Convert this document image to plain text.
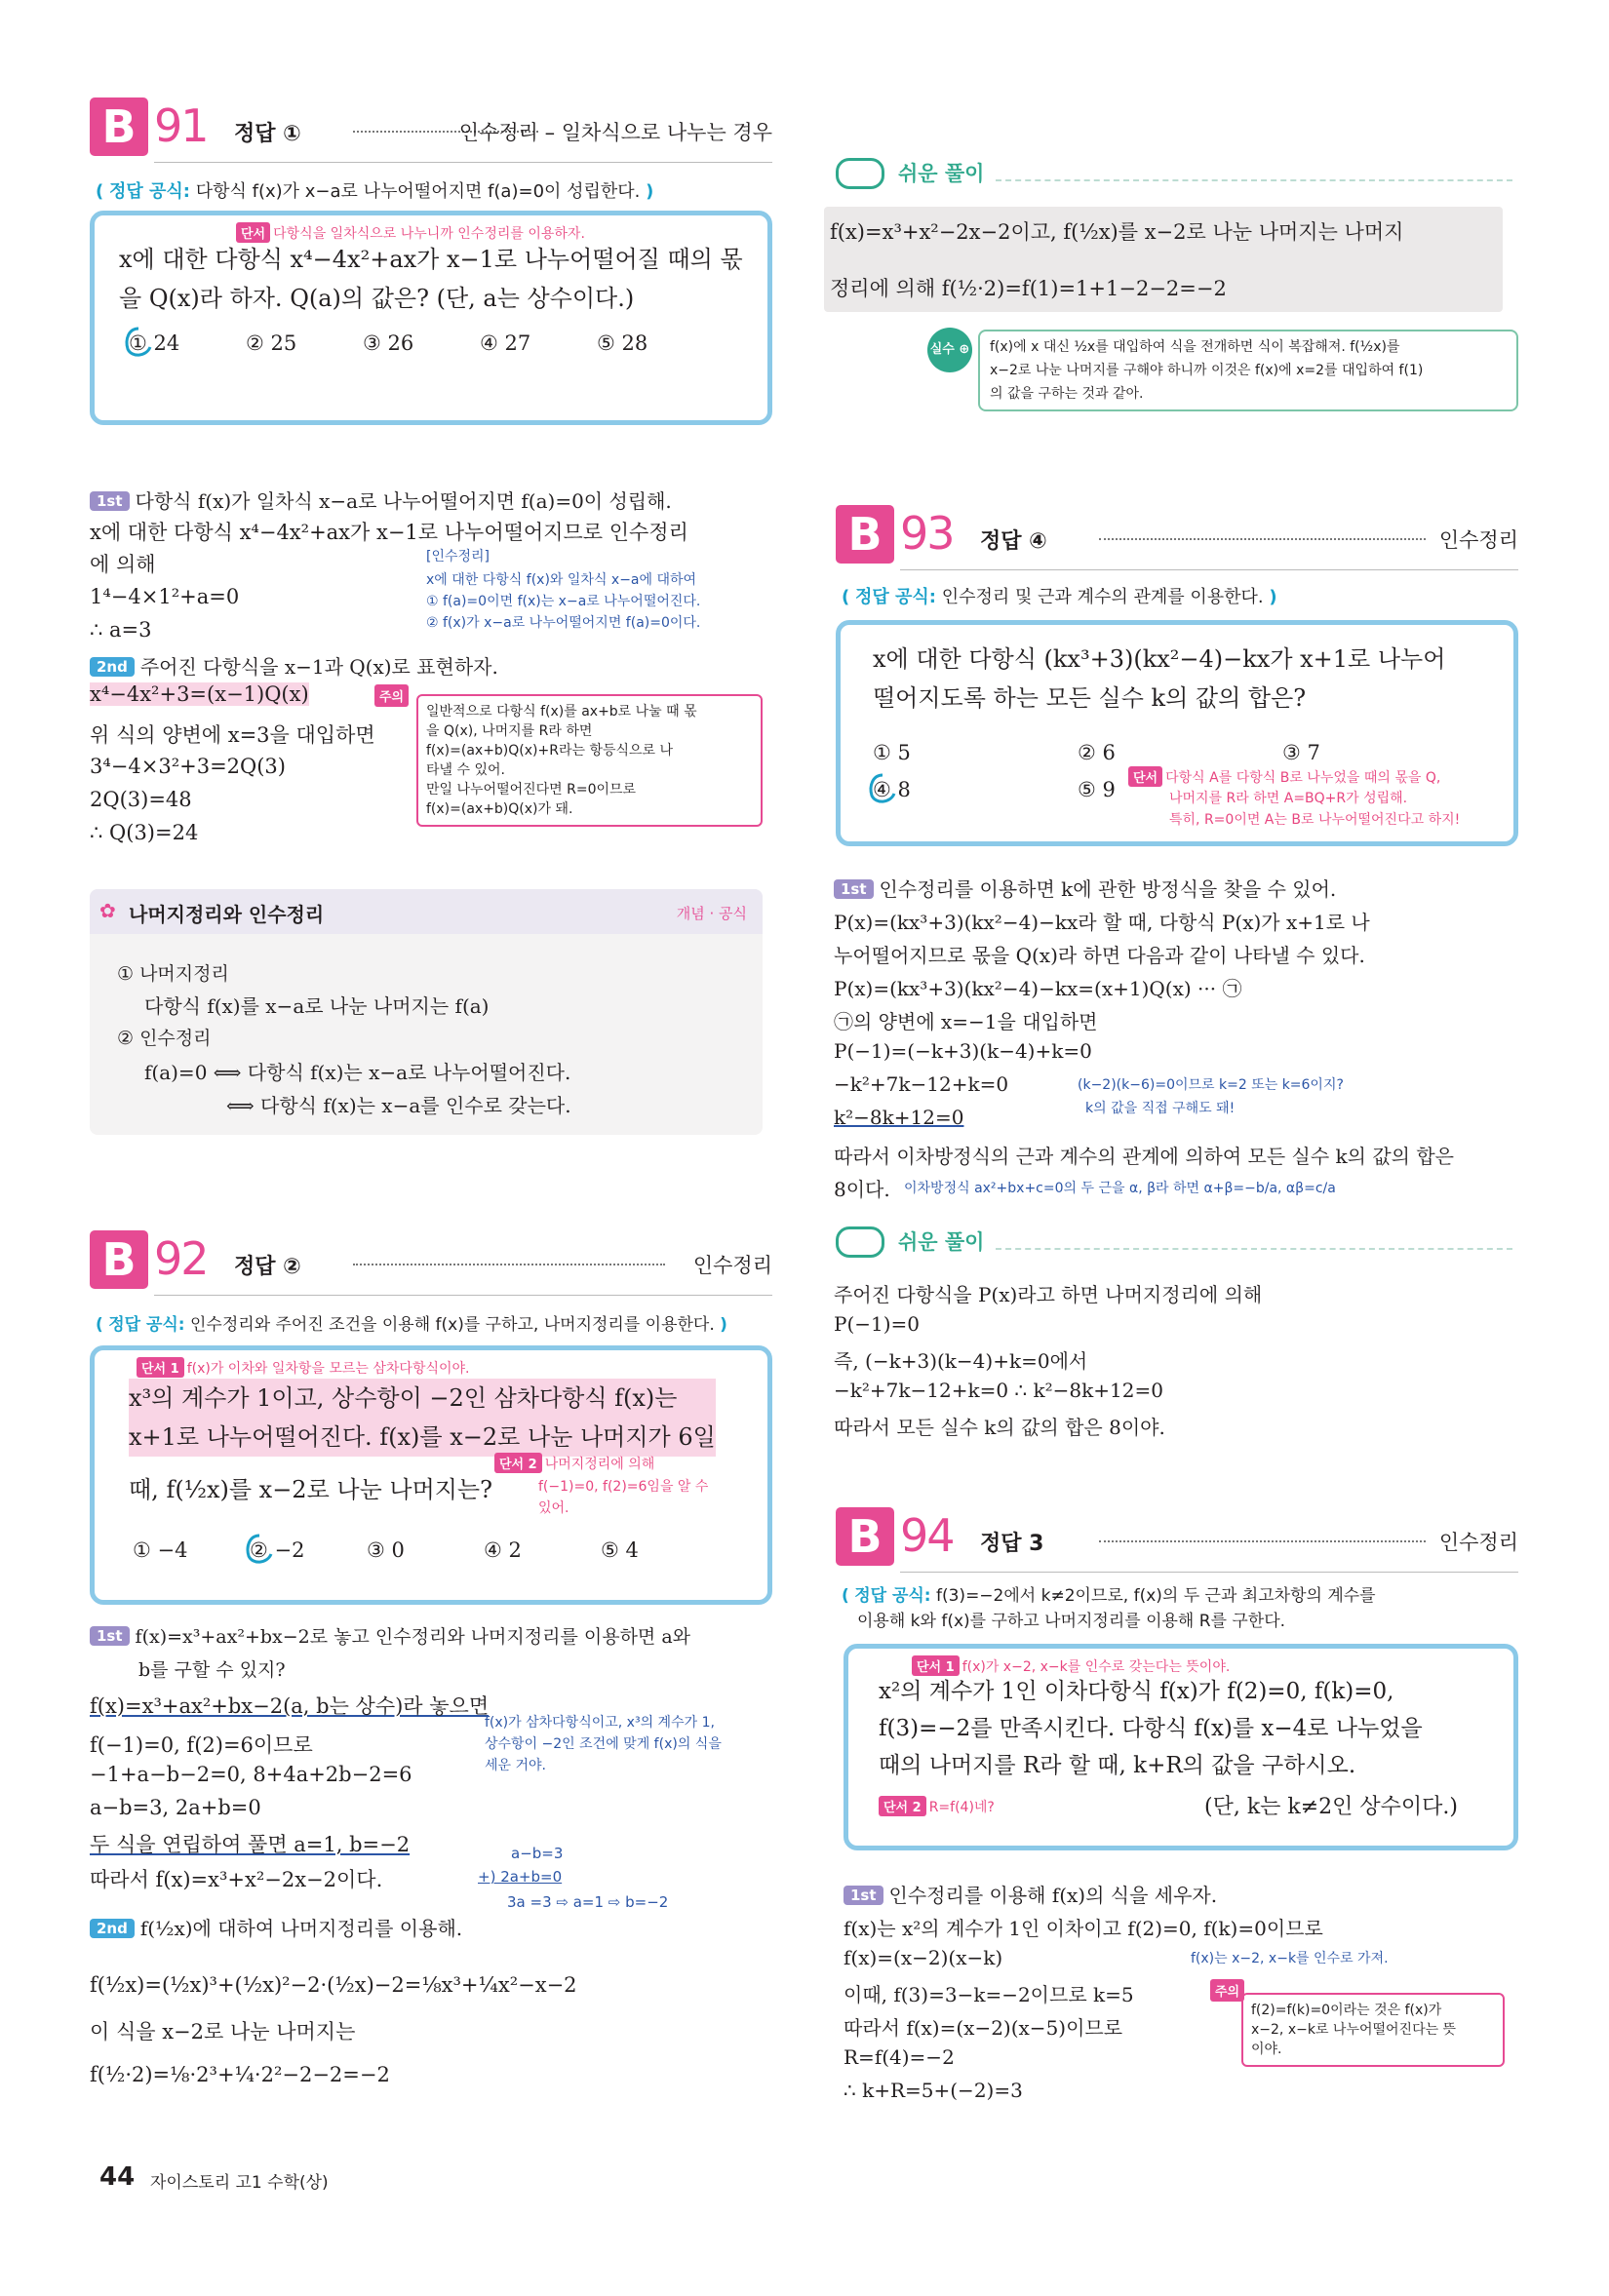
B 91 정답 ①	인수정리 – 일차식으로 나누는 경우
( 정답 공식: 다항식 f(x)가 x−a로 나누어떨어지면 f(a)=0이 성립한다. )
단서 다항식을 일차식으로 나누니까 인수정리를 이용하자.
x에 대한 다항식 x⁴−4x²+ax가 x−1로 나누어떨어질 때의 몫
을 Q(x)라 하자. Q(a)의 값은? (단, a는 상수이다.)
① 24	② 25	③ 26	④ 27	⑤ 28
1st 다항식 f(x)가 일차식 x−a로 나누어떨어지면 f(a)=0이 성립해.
x에 대한 다항식 x⁴−4x²+ax가 x−1로 나누어떨어지므로 인수정리
에 의해
1⁴−4×1²+a=0
∴ a=3
[인수정리]
x에 대한 다항식 f(x)와 일차식 x−a에 대하여
① f(a)=0이면 f(x)는 x−a로 나누어떨어진다.
② f(x)가 x−a로 나누어떨어지면 f(a)=0이다.
2nd 주어진 다항식을 x−1과 Q(x)로 표현하자.
x⁴−4x²+3=(x−1)Q(x)
위 식의 양변에 x=3을 대입하면
3⁴−4×3²+3=2Q(3)
2Q(3)=48
∴ Q(3)=24
일반적으로 다항식 f(x)를 ax+b로 나눌 때 몫
을 Q(x), 나머지를 R라 하면
f(x)=(ax+b)Q(x)+R라는 항등식으로 나
타낼 수 있어.
만일 나누어떨어진다면 R=0이므로
f(x)=(ax+b)Q(x)가 돼.
주의
✿ 나머지정리와 인수정리	개념 · 공식
① 나머지정리
다항식 f(x)를 x−a로 나눈 나머지는 f(a)
② 인수정리
f(a)=0 ⟺ 다항식 f(x)는 x−a로 나누어떨어진다.
⟺ 다항식 f(x)는 x−a를 인수로 갖는다.
B 92 정답 ②	인수정리
( 정답 공식: 인수정리와 주어진 조건을 이용해 f(x)를 구하고, 나머지정리를 이용한다. )
단서 1 f(x)가 이차와 일차항을 모르는 삼차다항식이야.
x³의 계수가 1이고, 상수항이 −2인 삼차다항식 f(x)는
x+1로 나누어떨어진다. f(x)를 x−2로 나눈 나머지가 6일
때, f(½x)를 x−2로 나눈 나머지는?
단서 2 나머지정리에 의해
f(−1)=0, f(2)=6임을 알 수
있어.
① −4	② −2	③ 0	④ 2	⑤ 4
1st f(x)=x³+ax²+bx−2로 놓고 인수정리와 나머지정리를 이용하면 a와
b를 구할 수 있지?
f(x)=x³+ax²+bx−2(a, b는 상수)라 놓으면
f(x)가 삼차다항식이고, x³의 계수가 1,
상수항이 −2인 조건에 맞게 f(x)의 식을
세운 거야.
f(−1)=0, f(2)=6이므로
−1+a−b−2=0, 8+4a+2b−2=6
a−b=3, 2a+b=0
두 식을 연립하여 풀면 a=1, b=−2
따라서 f(x)=x³+x²−2x−2이다.
a−b=3
+) 2a+b=0
3a =3 ⇨ a=1 ⇨ b=−2
2nd f(½x)에 대하여 나머지정리를 이용해.
f(½x)=(½x)³+(½x)²−2·(½x)−2=⅛x³+¼x²−x−2
이 식을 x−2로 나눈 나머지는
f(½·2)=⅛·2³+¼·2²−2−2=−2
44 자이스토리 고1 수학(상)
쉬운 풀이
f(x)=x³+x²−2x−2이고, f(½x)를 x−2로 나눈 나머지는 나머지
정리에 의해 f(½·2)=f(1)=1+1−2−2=−2
f(x)에 x 대신 ½x를 대입하여 식을 전개하면 식이 복잡해져. f(½x)를
x−2로 나눈 나머지를 구해야 하니까 이것은 f(x)에 x=2를 대입하여 f(1)
의 값을 구하는 것과 같아.
실수 ⊕
B 93 정답 ④	인수정리
( 정답 공식: 인수정리 및 근과 계수의 관계를 이용한다. )
x에 대한 다항식 (kx³+3)(kx²−4)−kx가 x+1로 나누어
떨어지도록 하는 모든 실수 k의 값의 합은?
① 5	② 6	③ 7
④ 8	⑤ 9	단서 다항식 A를 다항식 B로 나누었을 때의 몫을 Q,
나머지를 R라 하면 A=BQ+R가 성립해.
특히, R=0이면 A는 B로 나누어떨어진다고 하지!
1st 인수정리를 이용하면 k에 관한 방정식을 찾을 수 있어.
P(x)=(kx³+3)(kx²−4)−kx라 할 때, 다항식 P(x)가 x+1로 나
누어떨어지므로 몫을 Q(x)라 하면 다음과 같이 나타낼 수 있다.
P(x)=(kx³+3)(kx²−4)−kx=(x+1)Q(x) ··· ㉠
㉠의 양변에 x=−1을 대입하면
P(−1)=(−k+3)(k−4)+k=0
−k²+7k−12+k=0
k²−8k+12=0
(k−2)(k−6)=0이므로 k=2 또는 k=6이지?
k의 값을 직접 구해도 돼!
따라서 이차방정식의 근과 계수의 관계에 의하여 모든 실수 k의 값의 합은
8이다. 이차방정식 ax²+bx+c=0의 두 근을 α, β라 하면 α+β=−b/a, αβ=c/a
쉬운 풀이
주어진 다항식을 P(x)라고 하면 나머지정리에 의해
P(−1)=0
즉, (−k+3)(k−4)+k=0에서
−k²+7k−12+k=0 ∴ k²−8k+12=0
따라서 모든 실수 k의 값의 합은 8이야.
B 94 정답 3	인수정리
( 정답 공식: f(3)=−2에서 k≠2이므로, f(x)의 두 근과 최고차항의 계수를
이용해 k와 f(x)를 구하고 나머지정리를 이용해 R를 구한다.
단서 1 f(x)가 x−2, x−k를 인수로 갖는다는 뜻이야.
x²의 계수가 1인 이차다항식 f(x)가 f(2)=0, f(k)=0,
f(3)=−2를 만족시킨다. 다항식 f(x)를 x−4로 나누었을
때의 나머지를 R라 할 때, k+R의 값을 구하시오.
(단, k는 k≠2인 상수이다.)
단서 2 R=f(4)네?
1st 인수정리를 이용해 f(x)의 식을 세우자.
f(x)는 x²의 계수가 1인 이차이고 f(2)=0, f(k)=0이므로
f(x)=(x−2)(x−k)	f(x)는 x−2, x−k를 인수로 가져.
이때, f(3)=3−k=−2이므로 k=5
따라서 f(x)=(x−2)(x−5)이므로
R=f(4)=−2
∴ k+R=5+(−2)=3
f(2)=f(k)=0이라는 것은 f(x)가
x−2, x−k로 나누어떨어진다는 뜻
이야.
주의
